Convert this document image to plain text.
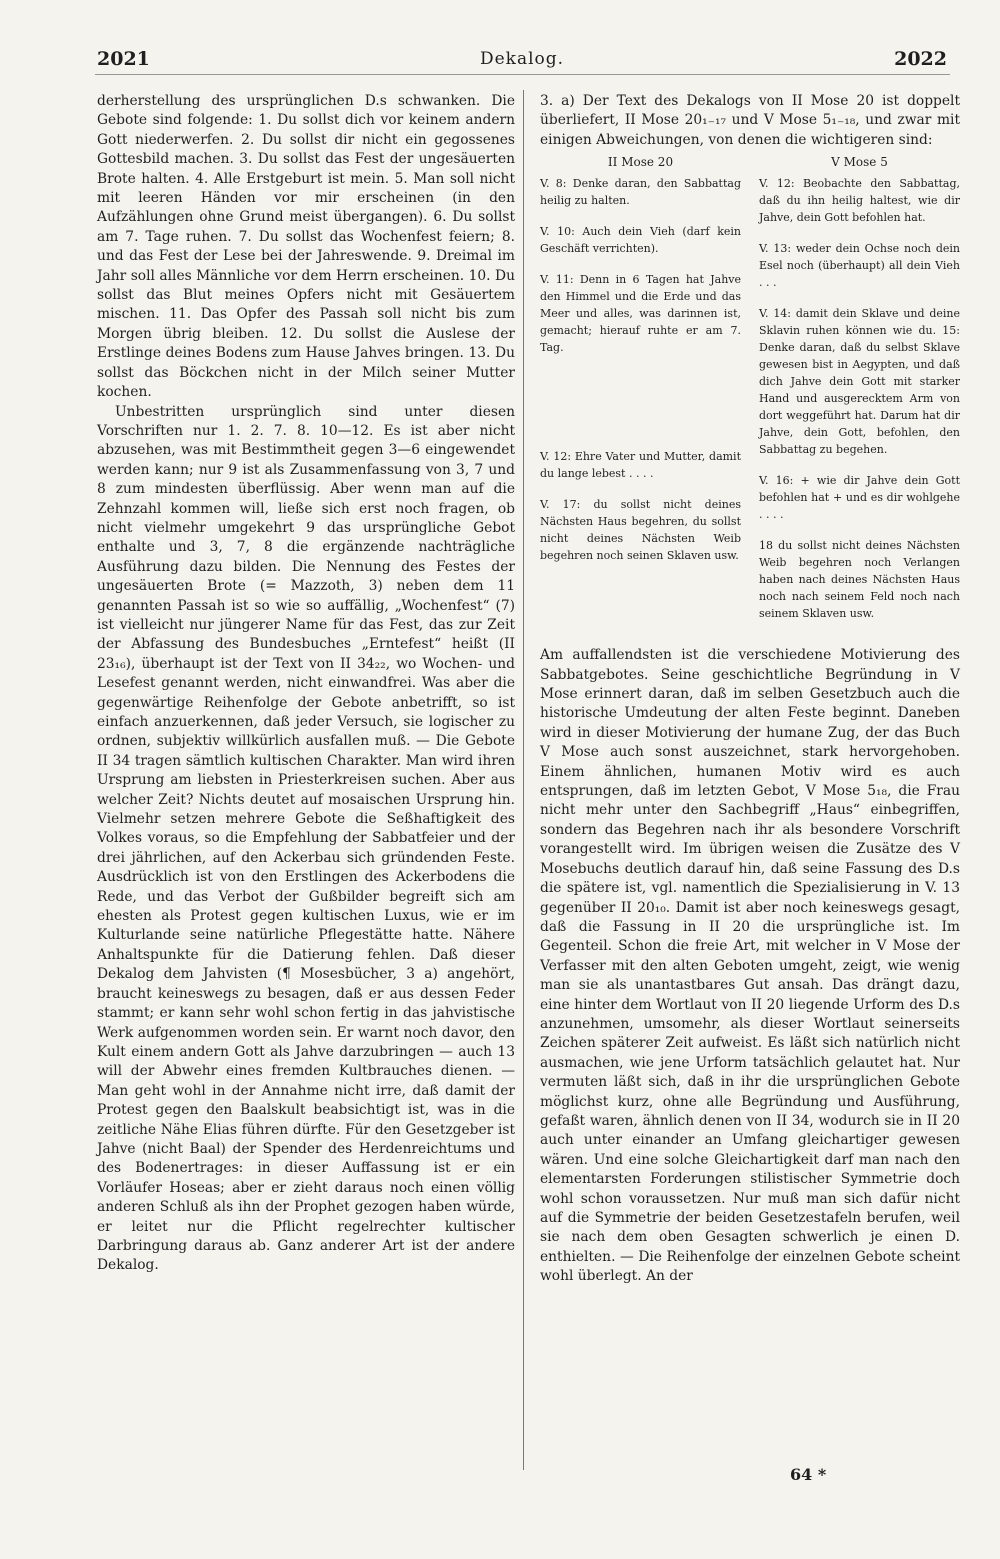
2021	Dekalog.	2022

derherstellung des ursprünglichen D.s schwanken. Die Gebote sind folgende: 1. Du sollst dich vor keinem andern Gott niederwerfen. 2. Du sollst dir nicht ein gegossenes Gottesbild machen. 3. Du sollst das Fest der ungesäuerten Brote halten. 4. Alle Erstgeburt ist mein. 5. Man soll nicht mit leeren Händen vor mir erscheinen (in den Aufzählungen ohne Grund meist übergangen). 6. Du sollst am 7. Tage ruhen. 7. Du sollst das Wochenfest feiern; 8. und das Fest der Lese bei der Jahreswende. 9. Dreimal im Jahr soll alles Männliche vor dem Herrn erscheinen. 10. Du sollst das Blut meines Opfers nicht mit Gesäuertem mischen. 11. Das Opfer des Passah soll nicht bis zum Morgen übrig bleiben. 12. Du sollst die Auslese der Erstlinge deines Bodens zum Hause Jahves bringen. 13. Du sollst das Böckchen nicht in der Milch seiner Mutter kochen.

Unbestritten ursprünglich sind unter diesen Vorschriften nur 1. 2. 7. 8. 10—12. Es ist aber nicht abzusehen, was mit Bestimmtheit gegen 3—6 eingewendet werden kann; nur 9 ist als Zusammenfassung von 3, 7 und 8 zum mindesten überflüssig. Aber wenn man auf die Zehnzahl kommen will, ließe sich erst noch fragen, ob nicht vielmehr umgekehrt 9 das ursprüngliche Gebot enthalte und 3, 7, 8 die ergänzende nachträgliche Ausführung dazu bilden. Die Nennung des Festes der ungesäuerten Brote (= Mazzoth, 3) neben dem 11 genannten Passah ist so wie so auffällig, „Wochenfest“ (7) ist vielleicht nur jüngerer Name für das Fest, das zur Zeit der Abfassung des Bundesbuches „Erntefest“ heißt (II 23₁₆), überhaupt ist der Text von II 34₂₂, wo Wochen- und Lesefest genannt werden, nicht einwandfrei. Was aber die gegenwärtige Reihenfolge der Gebote anbetrifft, so ist einfach anzuerkennen, daß jeder Versuch, sie logischer zu ordnen, subjektiv willkürlich ausfallen muß. — Die Gebote II 34 tragen sämtlich kultischen Charakter. Man wird ihren Ursprung am liebsten in Priesterkreisen suchen. Aber aus welcher Zeit? Nichts deutet auf mosaischen Ursprung hin. Vielmehr setzen mehrere Gebote die Seßhaftigkeit des Volkes voraus, so die Empfehlung der Sabbatfeier und der drei jährlichen, auf den Ackerbau sich gründenden Feste. Ausdrücklich ist von den Erstlingen des Ackerbodens die Rede, und das Verbot der Gußbilder begreift sich am ehesten als Protest gegen kultischen Luxus, wie er im Kulturlande seine natürliche Pflegestätte hatte. Nähere Anhaltspunkte für die Datierung fehlen. Daß dieser Dekalog dem Jahvisten (¶ Mosesbücher, 3 a) angehört, braucht keineswegs zu besagen, daß er aus dessen Feder stammt; er kann sehr wohl schon fertig in das jahvistische Werk aufgenommen worden sein. Er warnt noch davor, den Kult einem andern Gott als Jahve darzubringen — auch 13 will der Abwehr eines fremden Kultbrauches dienen. — Man geht wohl in der Annahme nicht irre, daß damit der Protest gegen den Baalskult beabsichtigt ist, was in die zeitliche Nähe Elias führen dürfte. Für den Gesetzgeber ist Jahve (nicht Baal) der Spender des Herdenreichtums und des Bodenertrages: in dieser Auffassung ist er ein Vorläufer Hoseas; aber er zieht daraus noch einen völlig anderen Schluß als ihn der Prophet gezogen haben würde, er leitet nur die Pflicht regelrechter kultischer Darbringung daraus ab. Ganz anderer Art ist der andere Dekalog.

3. a) Der Text des Dekalogs von II Mose 20 ist doppelt überliefert, II Mose 20₁₋₁₇ und V Mose 5₁₋₁₈, und zwar mit einigen Abweichungen, von denen die wichtigeren sind:

II Mose 20
V. 8: Denke daran, den Sabbattag heilig zu halten.
V. 10: Auch dein Vieh (darf kein Geschäft verrichten).
V. 11: Denn in 6 Tagen hat Jahve den Himmel und die Erde und das Meer und alles, was darinnen ist, gemacht; hierauf ruhte er am 7. Tag.
V. 12: Ehre Vater und Mutter, damit du lange lebest . . . .
V. 17: du sollst nicht deines Nächsten Haus begehren, du sollst nicht deines Nächsten Weib begehren noch seinen Sklaven usw.
V Mose 5
V. 12: Beobachte den Sabbattag, daß du ihn heilig haltest, wie dir Jahve, dein Gott befohlen hat.
V. 13: weder dein Ochse noch dein Esel noch (überhaupt) all dein Vieh . . .
V. 14: damit dein Sklave und deine Sklavin ruhen können wie du. 15: Denke daran, daß du selbst Sklave gewesen bist in Aegypten, und daß dich Jahve dein Gott mit starker Hand und ausgerecktem Arm von dort weggeführt hat. Darum hat dir Jahve, dein Gott, befohlen, den Sabbattag zu begehen.
V. 16: + wie dir Jahve dein Gott befohlen hat + und es dir wohlgehe . . . .
18 du sollst nicht deines Nächsten Weib begehren noch Verlangen haben nach deines Nächsten Haus noch nach seinem Feld noch nach seinem Sklaven usw.

Am auffallendsten ist die verschiedene Motivierung des Sabbatgebotes. Seine geschichtliche Begründung in V Mose erinnert daran, daß im selben Gesetzbuch auch die historische Umdeutung der alten Feste beginnt. Daneben wird in dieser Motivierung der humane Zug, der das Buch V Mose auch sonst auszeichnet, stark hervorgehoben. Einem ähnlichen, humanen Motiv wird es auch entsprungen, daß im letzten Gebot, V Mose 5₁₈, die Frau nicht mehr unter den Sachbegriff „Haus“ einbegriffen, sondern das Begehren nach ihr als besondere Vorschrift vorangestellt wird. Im übrigen weisen die Zusätze des V Mosebuchs deutlich darauf hin, daß seine Fassung des D.s die spätere ist, vgl. namentlich die Spezialisierung in V. 13 gegenüber II 20₁₀. Damit ist aber noch keineswegs gesagt, daß die Fassung in II 20 die ursprüngliche ist. Im Gegenteil. Schon die freie Art, mit welcher in V Mose der Verfasser mit den alten Geboten umgeht, zeigt, wie wenig man sie als unantastbares Gut ansah. Das drängt dazu, eine hinter dem Wortlaut von II 20 liegende Urform des D.s anzunehmen, umsomehr, als dieser Wortlaut seinerseits Zeichen späterer Zeit aufweist. Es läßt sich natürlich nicht ausmachen, wie jene Urform tatsächlich gelautet hat. Nur vermuten läßt sich, daß in ihr die ursprünglichen Gebote möglichst kurz, ohne alle Begründung und Ausführung, gefaßt waren, ähnlich denen von II 34, wodurch sie in II 20 auch unter einander an Umfang gleichartiger gewesen wären. Und eine solche Gleichartigkeit darf man nach den elementarsten Forderungen stilistischer Symmetrie doch wohl schon voraussetzen. Nur muß man sich dafür nicht auf die Symmetrie der beiden Gesetzestafeln berufen, weil sie nach dem oben Gesagten schwerlich je einen D. enthielten. — Die Reihenfolge der einzelnen Gebote scheint wohl überlegt. An der

64 *
